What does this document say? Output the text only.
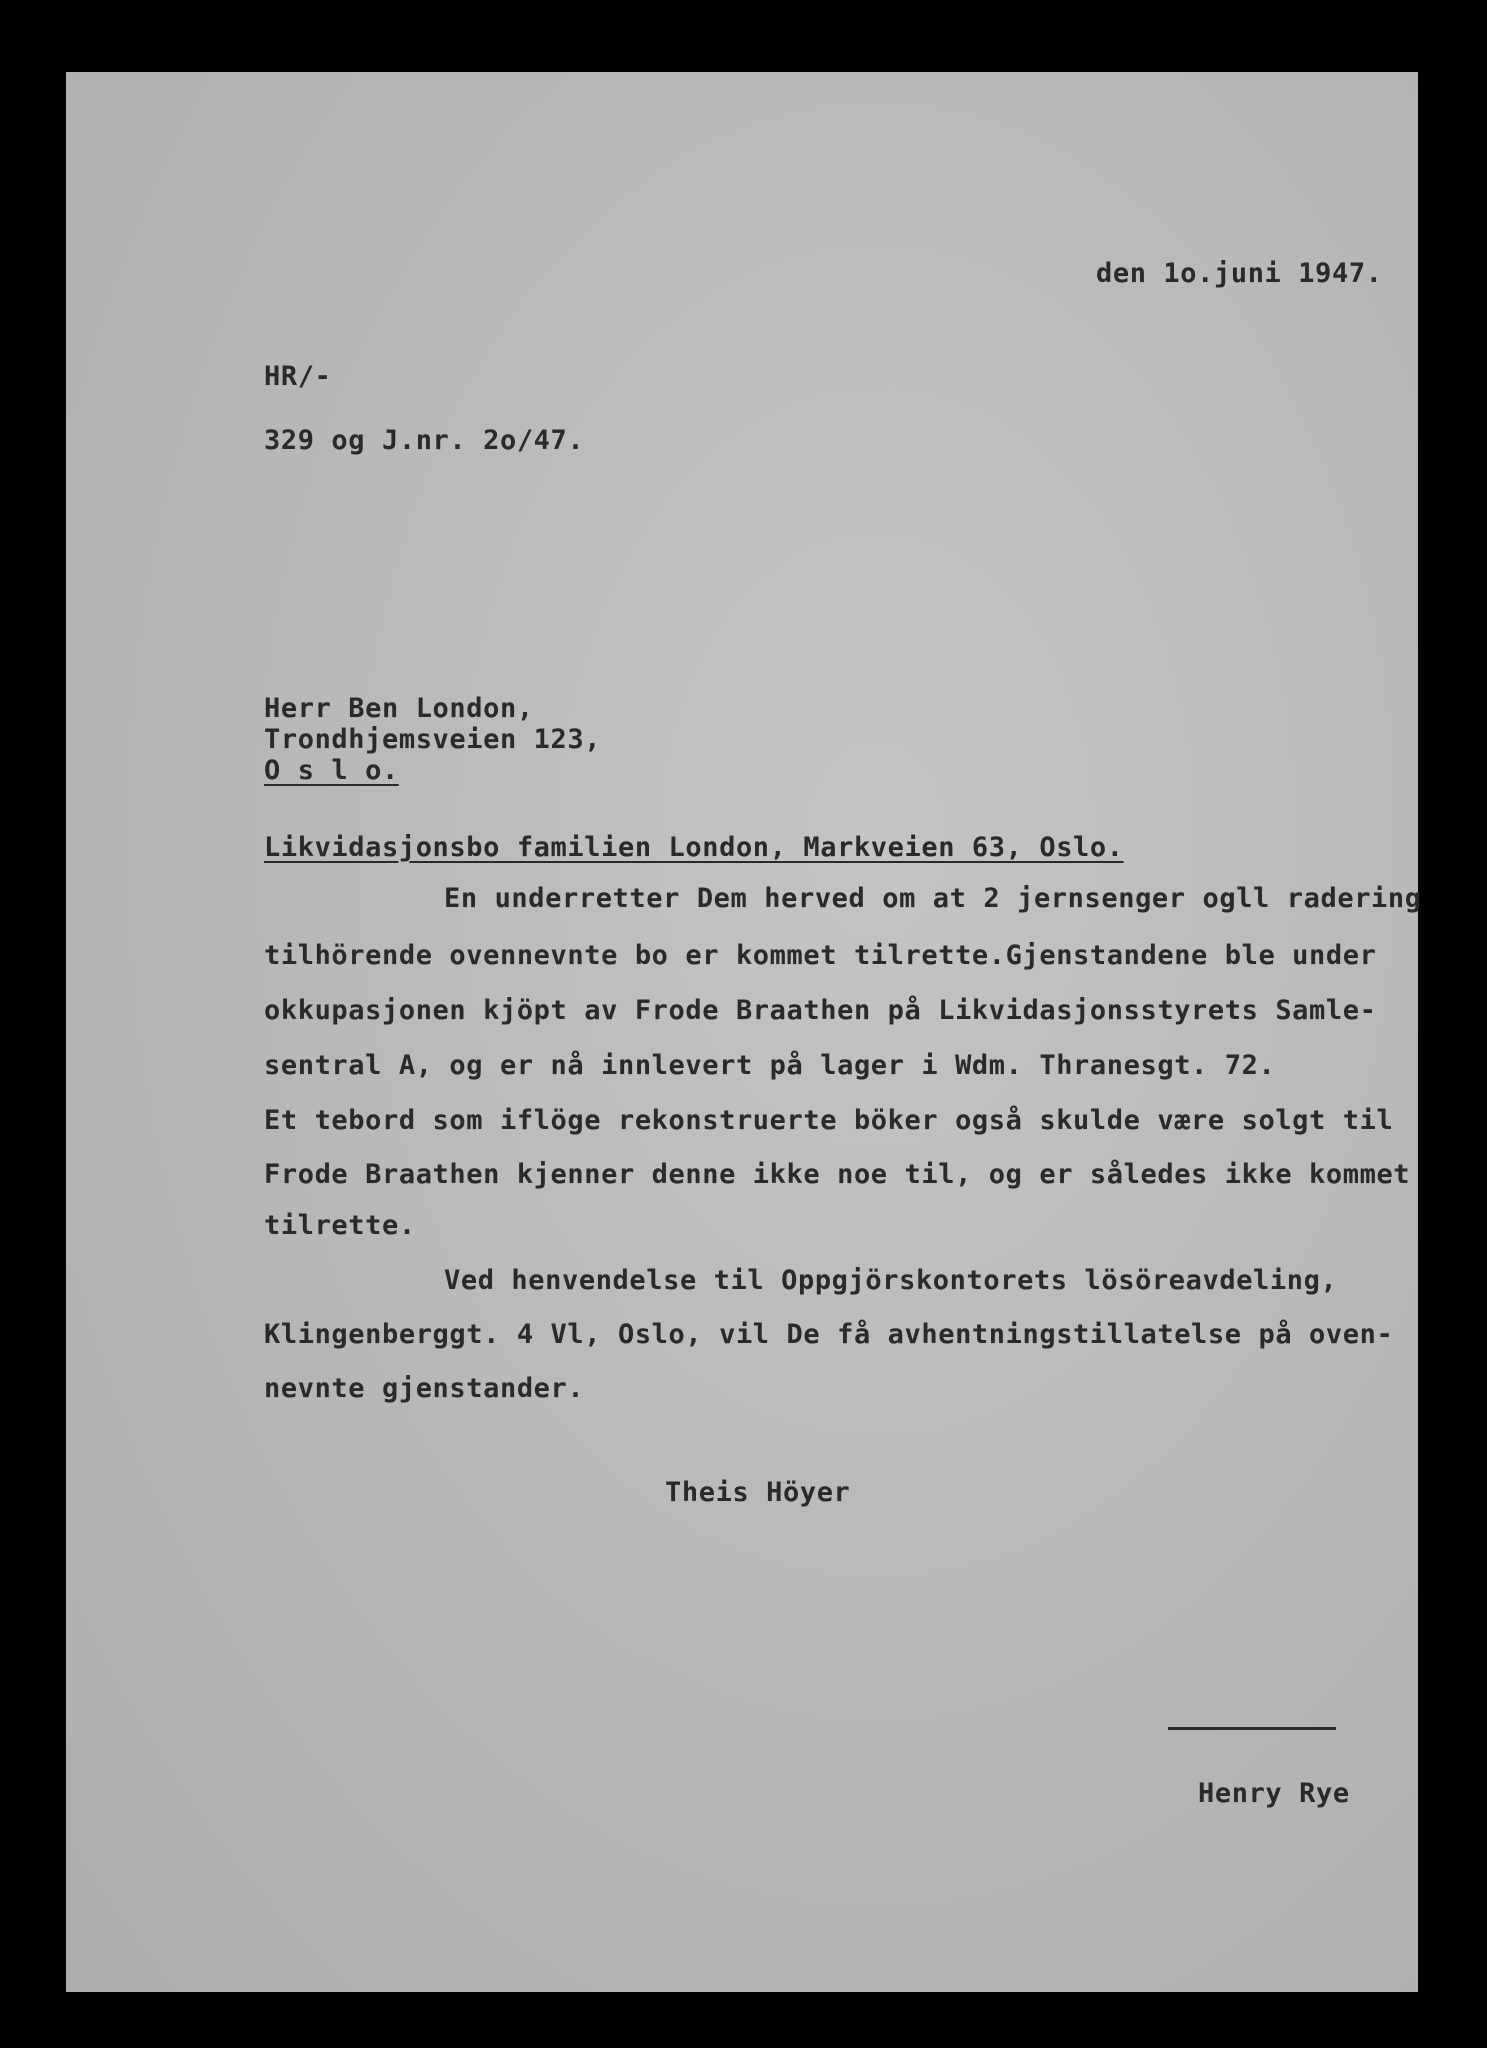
den 1o.juni 1947.
HR/-
329 og J.nr. 2o/47.
Herr Ben London,
Trondhjemsveien 123,
O s l o.
Likvidasjonsbo familien London, Markveien 63, Oslo.
En underretter Dem herved om at 2 jernsenger ogll radering
tilhörende ovennevnte bo er kommet tilrette.Gjenstandene ble under
okkupasjonen kjöpt av Frode Braathen på Likvidasjonsstyrets Samle-
sentral A, og er nå innlevert på lager i Wdm. Thranesgt. 72.
Et tebord som iflöge rekonstruerte böker også skulde være solgt til
Frode Braathen kjenner denne ikke noe til, og er således ikke kommet
tilrette.
Ved henvendelse til Oppgjörskontorets lösöreavdeling,
Klingenberggt. 4 Vl, Oslo, vil De få avhentningstillatelse på oven-
nevnte gjenstander.
Theis Höyer
Henry Rye
